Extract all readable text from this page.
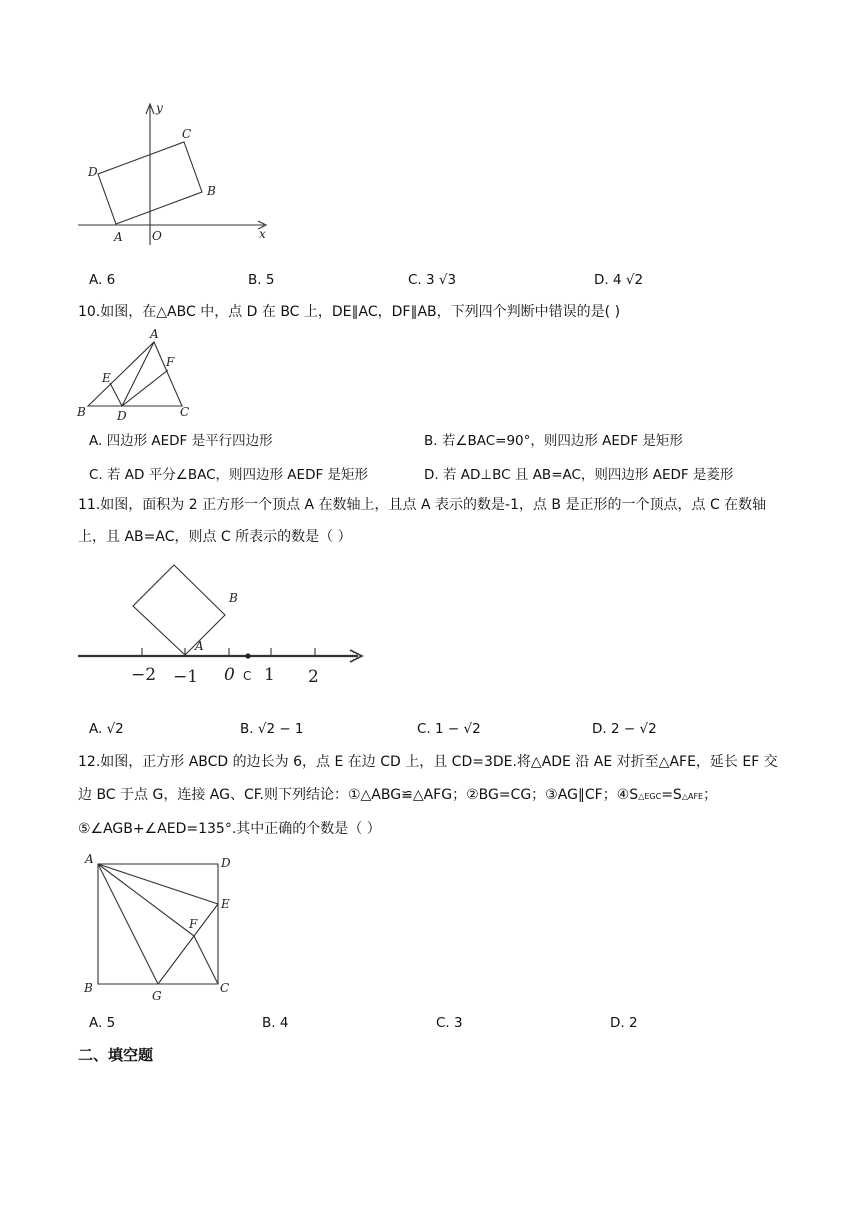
y
x
O
A
B
C
D
A. 6	B. 5	C. 3 √3	D. 4 √2
10.如图，在△ABC 中，点 D 在 BC 上，DE∥AC，DF∥AB，下列四个判断中错误的是( )
A
B	C
D
E
F
A. 四边形 AEDF 是平行四边形	B. 若∠BAC=90°，则四边形 AEDF 是矩形
C. 若 AD 平分∠BAC，则四边形 AEDF 是矩形	D. 若 AD⊥BC 且 AB=AC，则四边形 AEDF 是菱形
11.如图，面积为 2 正方形一个顶点 A 在数轴上，且点 A 表示的数是-1，点 B 是正形的一个顶点，点 C 在数轴上，且 AB=AC，则点 C 所表示的数是（ ）
A
B
C
−2 −1 0 1 2
A. √2	B. √2 − 1	C. 1 − √2	D. 2 − √2
12.如图，正方形 ABCD 的边长为 6，点 E 在边 CD 上，且 CD=3DE.将△ADE 沿 AE 对折至△AFE，延长 EF 交
边 BC 于点 G，连接 AG、CF.则下列结论：①△ABG≌△AFG；②BG=CG；③AG∥CF；④S△EGC=S△AFE；
⑤∠AGB+∠AED=135°.其中正确的个数是（ ）
A	D
E
F
B
G
C
A. 5	B. 4	C. 3	D. 2
二、填空题
